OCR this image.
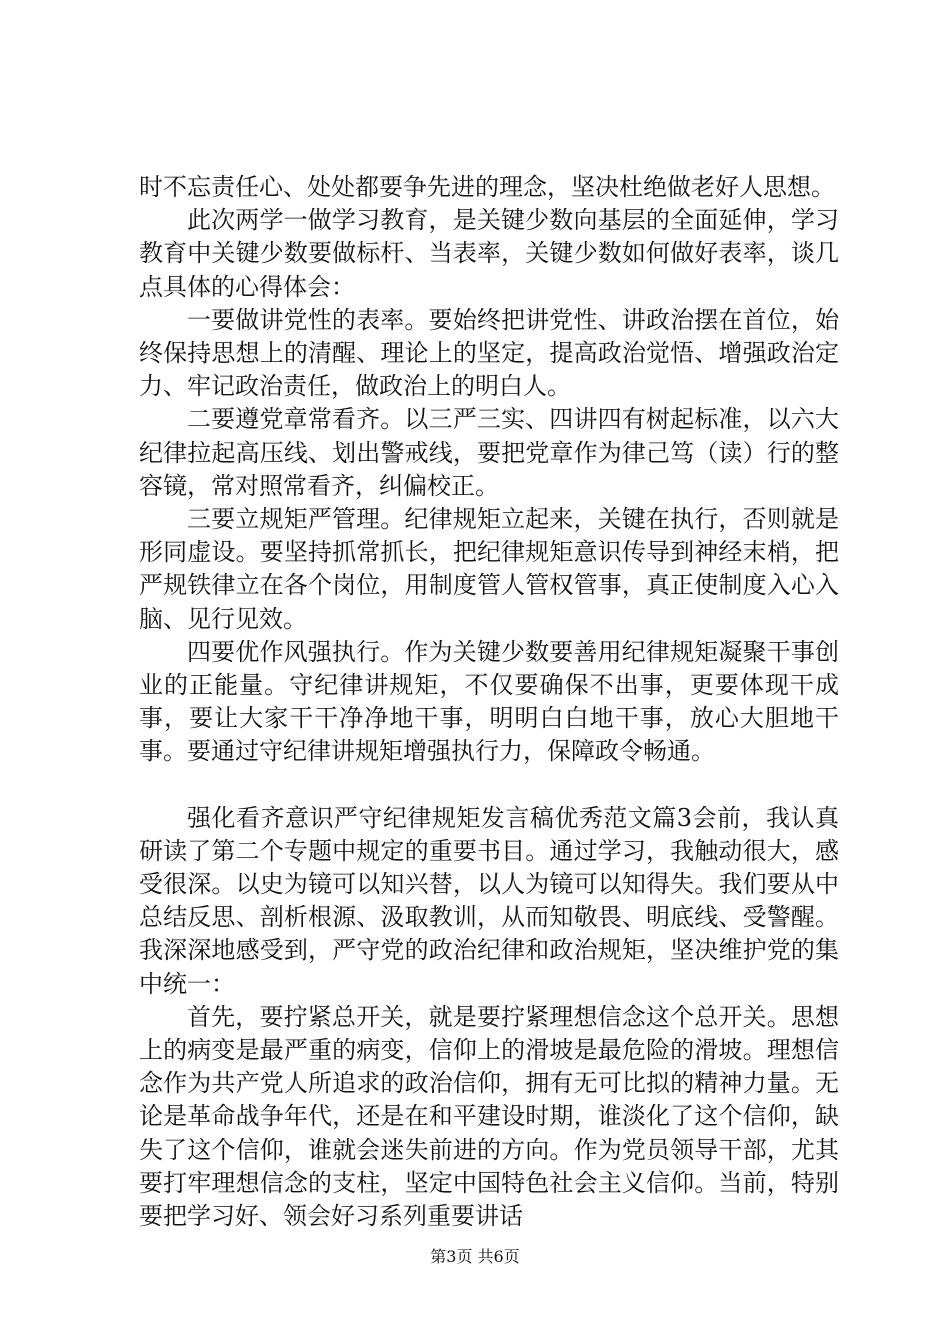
时不忘责任心、处处都要争先进的理念，坚决杜绝做老好人思想。

此次两学一做学习教育，是关键少数向基层的全面延伸，学习教育中关键少数要做标杆、当表率，关键少数如何做好表率，谈几点具体的心得体会：

一要做讲党性的表率。要始终把讲党性、讲政治摆在首位，始终保持思想上的清醒、理论上的坚定，提高政治觉悟、增强政治定力、牢记政治责任，做政治上的明白人。

二要遵党章常看齐。以三严三实、四讲四有树起标准，以六大纪律拉起高压线、划出警戒线，要把党章作为律己笃（读）行的整容镜，常对照常看齐，纠偏校正。

三要立规矩严管理。纪律规矩立起来，关键在执行，否则就是形同虚设。要坚持抓常抓长，把纪律规矩意识传导到神经末梢，把严规铁律立在各个岗位，用制度管人管权管事，真正使制度入心入脑、见行见效。

四要优作风强执行。作为关键少数要善用纪律规矩凝聚干事创业的正能量。守纪律讲规矩，不仅要确保不出事，更要体现干成事，要让大家干干净净地干事，明明白白地干事，放心大胆地干事。要通过守纪律讲规矩增强执行力，保障政令畅通。

强化看齐意识严守纪律规矩发言稿优秀范文篇3会前，我认真研读了第二个专题中规定的重要书目。通过学习，我触动很大，感受很深。以史为镜可以知兴替，以人为镜可以知得失。我们要从中总结反思、剖析根源、汲取教训，从而知敬畏、明底线、受警醒。我深深地感受到，严守党的政治纪律和政治规矩，坚决维护党的集中统一：

首先，要拧紧总开关，就是要拧紧理想信念这个总开关。思想上的病变是最严重的病变，信仰上的滑坡是最危险的滑坡。理想信念作为共产党人所追求的政治信仰，拥有无可比拟的精神力量。无论是革命战争年代，还是在和平建设时期，谁淡化了这个信仰，缺失了这个信仰，谁就会迷失前进的方向。作为党员领导干部，尤其要打牢理想信念的支柱，坚定中国特色社会主义信仰。当前，特别要把学习好、领会好习系列重要讲话

第3页 共6页
